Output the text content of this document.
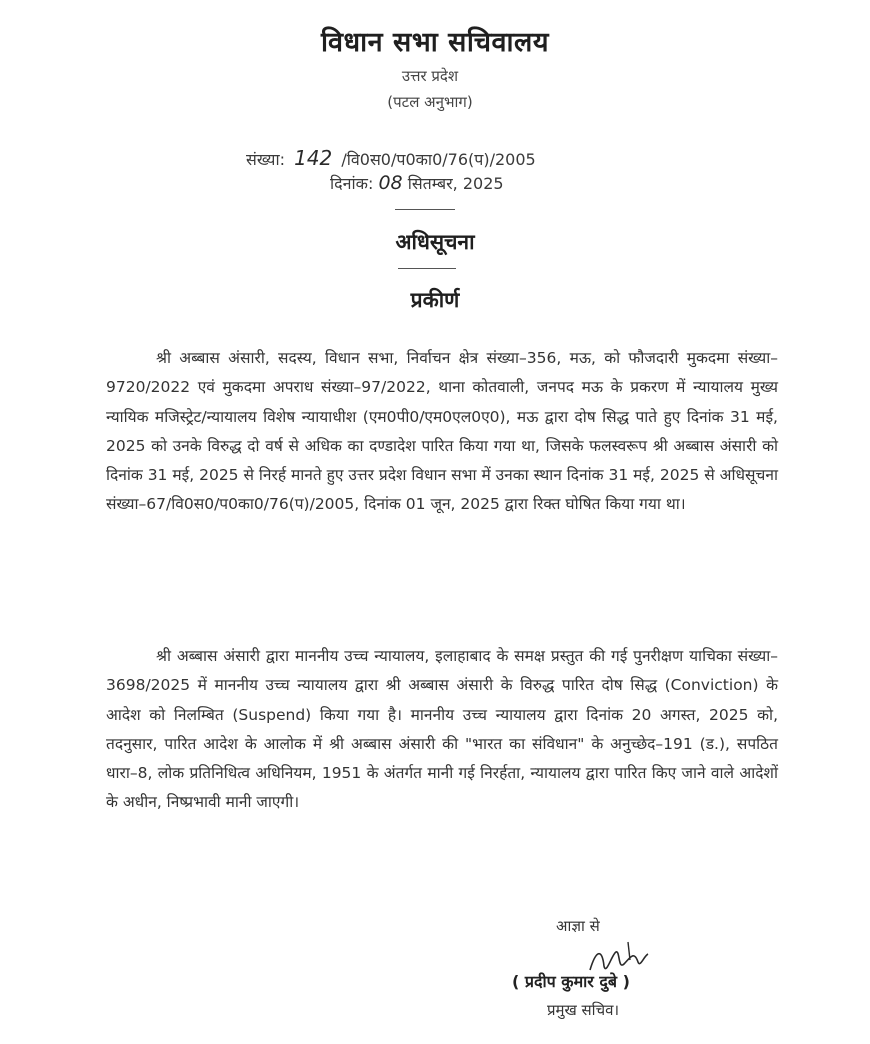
विधान सभा सचिवालय
उत्तर प्रदेश
(पटल अनुभाग)
संख्या: 142 /वि0स0/प0का0/76(प)/2005
दिनांक: 08 सितम्बर, 2025
अधिसूचना
प्रकीर्ण
श्री अब्बास अंसारी, सदस्य, विधान सभा, निर्वाचन क्षेत्र संख्या–356, मऊ, को फौजदारी मुकदमा संख्या–9720/2022 एवं मुकदमा अपराध संख्या–97/2022, थाना कोतवाली, जनपद मऊ के प्रकरण में न्यायालय मुख्य न्यायिक मजिस्ट्रेट/न्यायालय विशेष न्यायाधीश (एम0पी0/एम0एल0ए0), मऊ द्वारा दोष सिद्ध पाते हुए दिनांक 31 मई, 2025 को उनके विरुद्ध दो वर्ष से अधिक का दण्डादेश पारित किया गया था, जिसके फलस्वरूप श्री अब्बास अंसारी को दिनांक 31 मई, 2025 से निरर्ह मानते हुए उत्तर प्रदेश विधान सभा में उनका स्थान दिनांक 31 मई, 2025 से अधिसूचना संख्या–67/वि0स0/प0का0/76(प)/2005, दिनांक 01 जून, 2025 द्वारा रिक्त घोषित किया गया था।
श्री अब्बास अंसारी द्वारा माननीय उच्च न्यायालय, इलाहाबाद के समक्ष प्रस्तुत की गई पुनरीक्षण याचिका संख्या–3698/2025 में माननीय उच्च न्यायालय द्वारा श्री अब्बास अंसारी के विरुद्ध पारित दोष सिद्ध (Conviction) के आदेश को निलम्बित (Suspend) किया गया है। माननीय उच्च न्यायालय द्वारा दिनांक 20 अगस्त, 2025 को, तदनुसार, पारित आदेश के आलोक में श्री अब्बास अंसारी की "भारत का संविधान" के अनुच्छेद–191 (ड.), सपठित धारा–8, लोक प्रतिनिधित्व अधिनियम, 1951 के अंतर्गत मानी गई निरर्हता, न्यायालय द्वारा पारित किए जाने वाले आदेशों के अधीन, निष्प्रभावी मानी जाएगी।
आज्ञा से
( प्रदीप कुमार दुबे )
प्रमुख सचिव।
